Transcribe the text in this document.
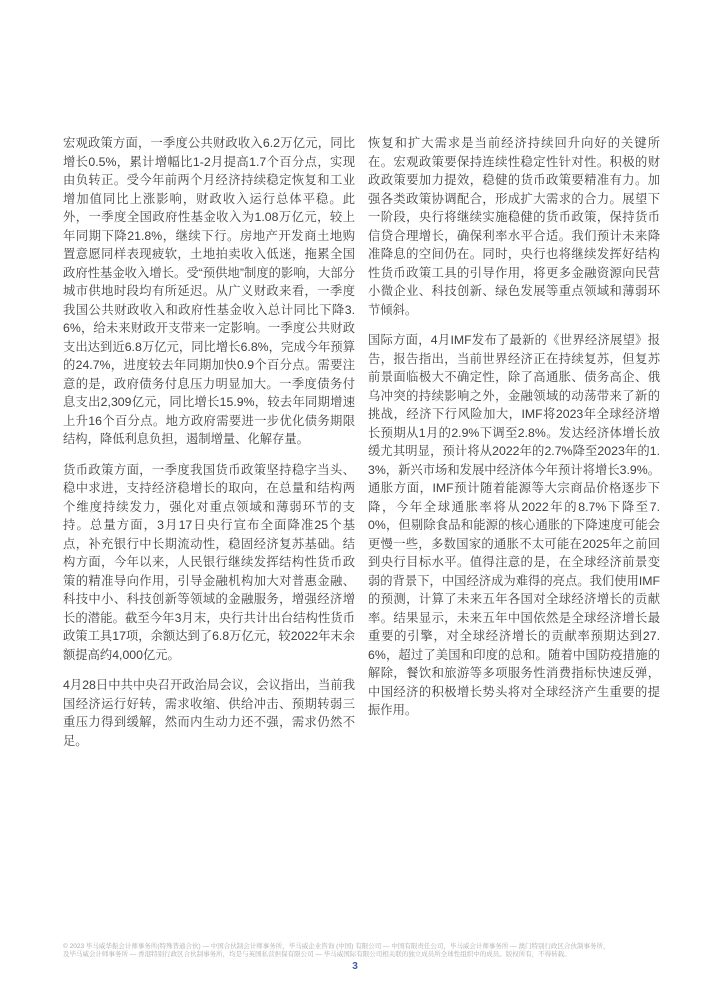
宏观政策方面，一季度公共财政收入6.2万亿元，同比增长0.5%，累计增幅比1-2月提高1.7个百分点，实现由负转正。受今年前两个月经济持续稳定恢复和工业增加值同比上涨影响，财政收入运行总体平稳。此外，一季度全国政府性基金收入为1.08万亿元，较上年同期下降21.8%，继续下行。房地产开发商土地购置意愿同样表现疲软，土地拍卖收入低迷，拖累全国政府性基金收入增长。受“预供地”制度的影响，大部分城市供地时段均有所延迟。从广义财政来看，一季度我国公共财政收入和政府性基金收入总计同比下降3.6%，给未来财政开支带来一定影响。一季度公共财政支出达到近6.8万亿元，同比增长6.8%，完成今年预算的24.7%，进度较去年同期加快0.9个百分点。需要注意的是，政府债务付息压力明显加大。一季度债务付息支出2,309亿元，同比增长15.9%，较去年同期增速上升16个百分点。地方政府需要进一步优化债务期限结构，降低利息负担，遏制增量、化解存量。

货币政策方面，一季度我国货币政策坚持稳字当头、稳中求进，支持经济稳增长的取向，在总量和结构两个维度持续发力，强化对重点领域和薄弱环节的支持。总量方面，3月17日央行宣布全面降准25个基点，补充银行中长期流动性，稳固经济复苏基础。结构方面，今年以来，人民银行继续发挥结构性货币政策的精准导向作用，引导金融机构加大对普惠金融、科技中小、科技创新等领域的金融服务，增强经济增长的潜能。截至今年3月末，央行共计出台结构性货币政策工具17项，余额达到了6.8万亿元，较2022年末余额提高约4,000亿元。

4月28日中共中央召开政治局会议，会议指出，当前我国经济运行好转，需求收缩、供给冲击、预期转弱三重压力得到缓解，然而内生动力还不强，需求仍然不足。

恢复和扩大需求是当前经济持续回升向好的关键所在。宏观政策要保持连续性稳定性针对性。积极的财政政策要加力提效，稳健的货币政策要精准有力。加强各类政策协调配合，形成扩大需求的合力。展望下一阶段，央行将继续实施稳健的货币政策，保持货币信贷合理增长，确保利率水平合适。我们预计未来降准降息的空间仍在。同时，央行也将继续发挥好结构性货币政策工具的引导作用，将更多金融资源向民营小微企业、科技创新、绿色发展等重点领域和薄弱环节倾斜。

国际方面，4月IMF发布了最新的《世界经济展望》报告，报告指出，当前世界经济正在持续复苏，但复苏前景面临极大不确定性，除了高通胀、债务高企、俄乌冲突的持续影响之外，金融领域的动荡带来了新的挑战，经济下行风险加大，IMF将2023年全球经济增长预期从1月的2.9%下调至2.8%。发达经济体增长放缓尤其明显，预计将从2022年的2.7%降至2023年的1.3%，新兴市场和发展中经济体今年预计将增长3.9%。通胀方面，IMF预计随着能源等大宗商品价格逐步下降，今年全球通胀率将从2022年的8.7%下降至7.0%，但剔除食品和能源的核心通胀的下降速度可能会更慢一些，多数国家的通胀不太可能在2025年之前回到央行目标水平。值得注意的是，在全球经济前景变弱的背景下，中国经济成为难得的亮点。我们使用IMF的预测，计算了未来五年各国对全球经济增长的贡献率。结果显示，未来五年中国依然是全球经济增长最重要的引擎，对全球经济增长的贡献率预期达到27.6%，超过了美国和印度的总和。随着中国防疫措施的解除，餐饮和旅游等多项服务性消费指标快速反弹，中国经济的积极增长势头将对全球经济产生重要的提振作用。

© 2023 毕马威华振会计师事务所(特殊普通合伙) — 中国合伙制会计师事务所，毕马威企业咨询 (中国) 有限公司 — 中国有限责任公司，毕马威会计师事务所 — 澳门特别行政区合伙制事务所，

及毕马威会计师事务所 — 香港特别行政区合伙制事务所，均是与英国私营担保有限公司 — 毕马威国际有限公司相关联的独立成员所全球性组织中的成员。版权所有，不得转载。

3
